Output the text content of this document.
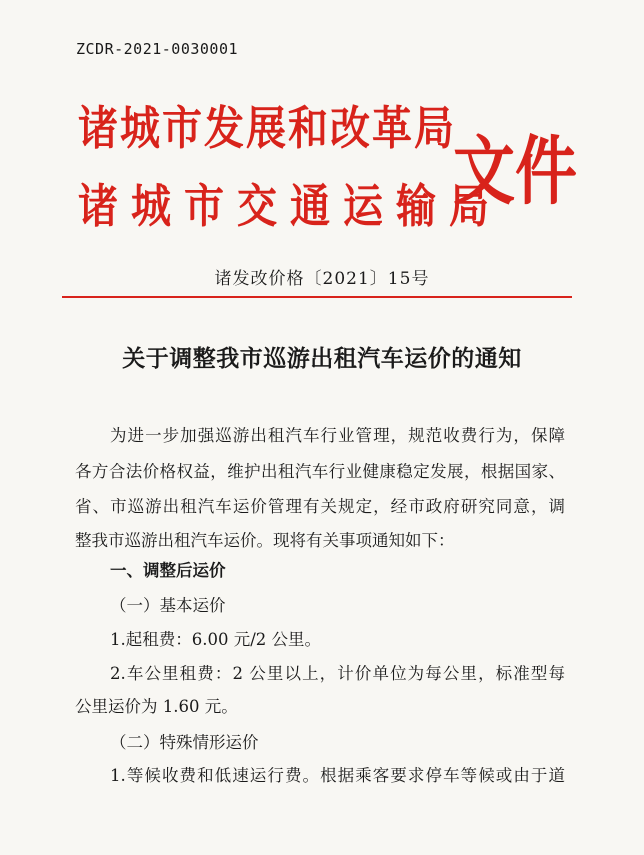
ZCDR-2021-0030001
诸城市发展和改革局
诸城市交通运输局
文件
诸发改价格〔2021〕15号
关于调整我市巡游出租汽车运价的通知
为进一步加强巡游出租汽车行业管理，规范收费行为，保障
各方合法价格权益，维护出租汽车行业健康稳定发展，根据国家、
省、市巡游出租汽车运价管理有关规定，经市政府研究同意，调
整我市巡游出租汽车运价。现将有关事项通知如下：
一、调整后运价
（一）基本运价
1.起租费：6.00 元/2 公里。
2.车公里租费：2 公里以上，计价单位为每公里，标准型每
公里运价为 1.60 元。
（二）特殊情形运价
1.等候收费和低速运行费。根据乘客要求停车等候或由于道
